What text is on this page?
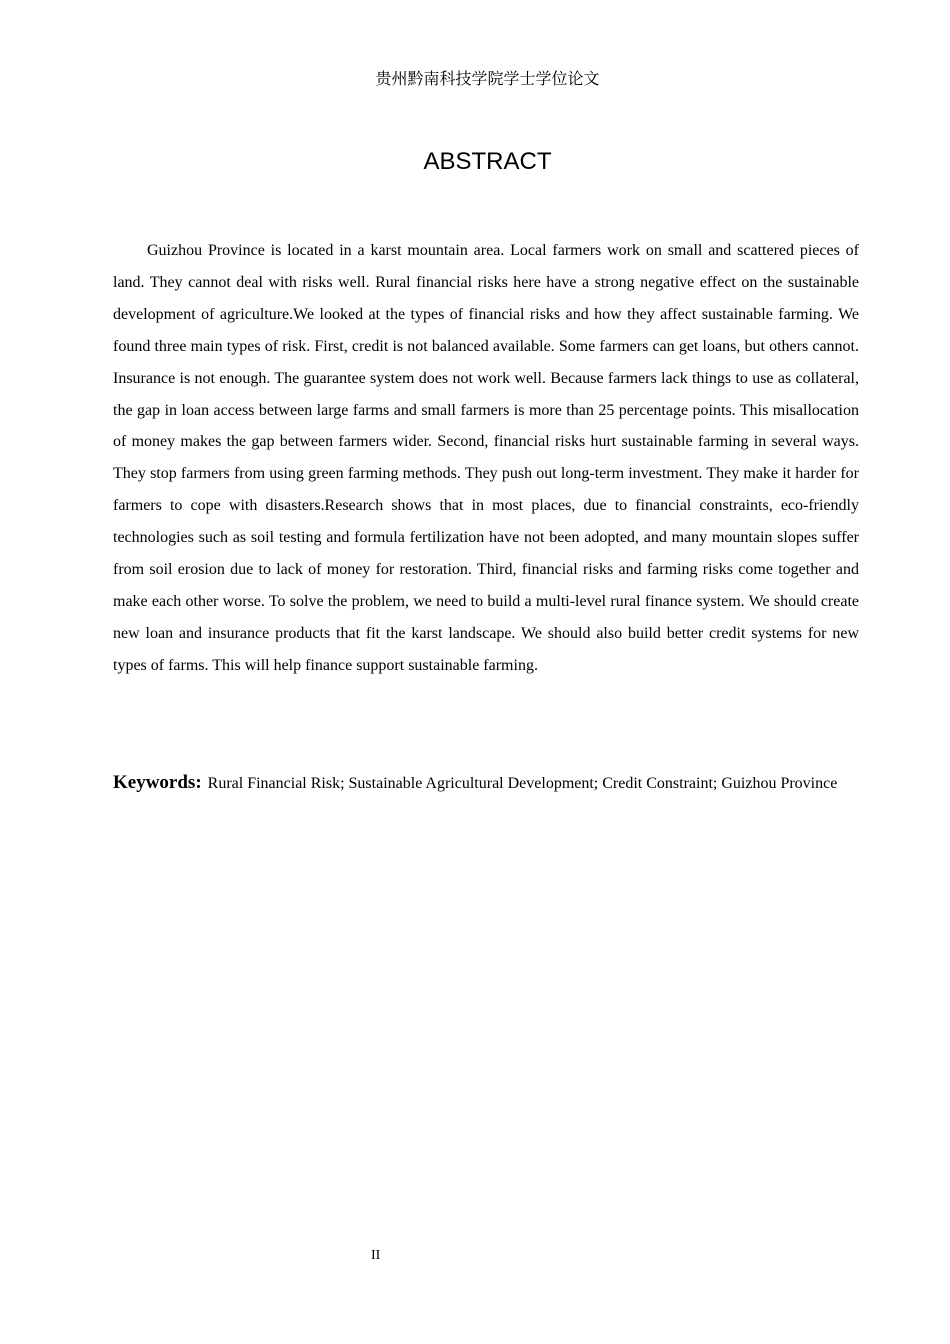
贵州黔南科技学院学士学位论文
ABSTRACT

Guizhou Province is located in a karst mountain area. Local farmers work on small and scattered pieces of land. They cannot deal with risks well. Rural financial risks here have a strong negative effect on the sustainable development of agriculture.We looked at the types of financial risks and how they affect sustainable farming. We found three main types of risk. First, credit is not balanced available. Some farmers can get loans, but others cannot. Insurance is not enough. The guarantee system does not work well. Because farmers lack things to use as collateral, the gap in loan access between large farms and small farmers is more than 25 percentage points. This misallocation of money makes the gap between farmers wider. Second, financial risks hurt sustainable farming in several ways. They stop farmers from using green farming methods. They push out long-term investment. They make it harder for farmers to cope with disasters.Research shows that in most places, due to financial constraints, eco-friendly technologies such as soil testing and formula fertilization have not been adopted, and many mountain slopes suffer from soil erosion due to lack of money for restoration. Third, financial risks and farming risks come together and make each other worse. To solve the problem, we need to build a multi-level rural finance system. We should create new loan and insurance products that fit the karst landscape. We should also build better credit systems for new types of farms. This will help finance support sustainable farming.

Keywords: Rural Financial Risk; Sustainable Agricultural Development; Credit Constraint; Guizhou Province

II
